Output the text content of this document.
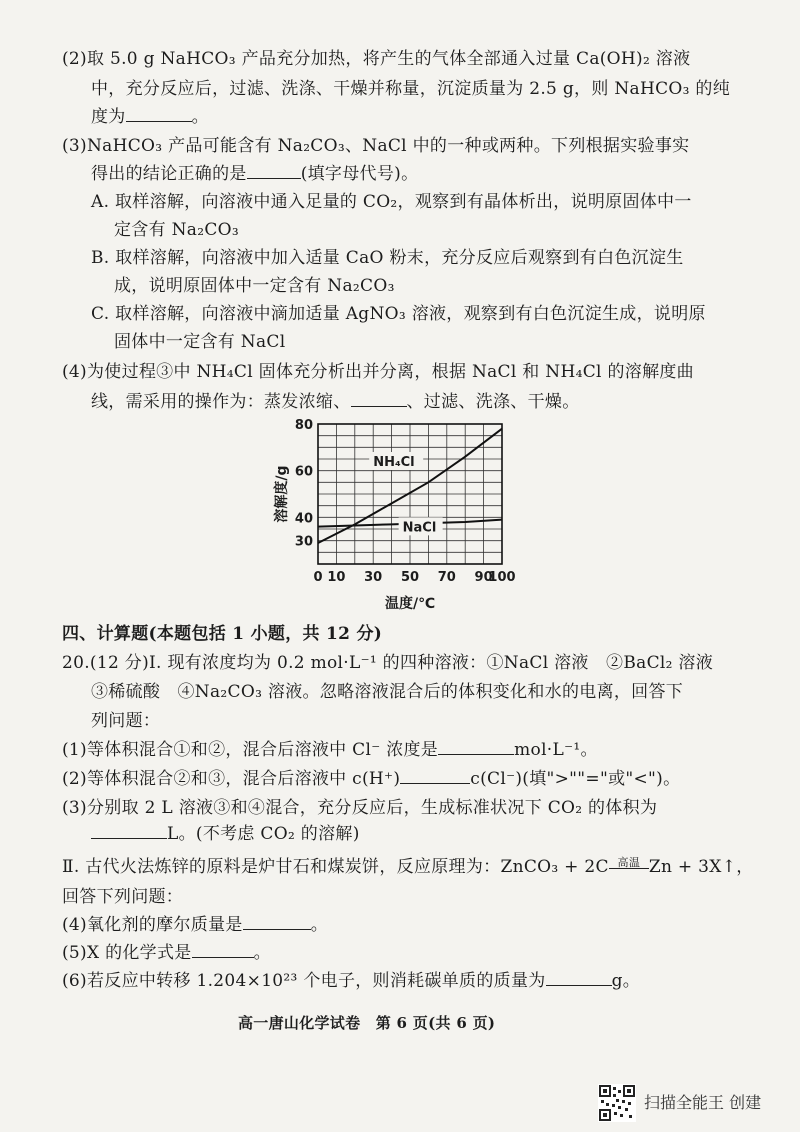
(2)取 5.0 g NaHCO₃ 产品充分加热，将产生的气体全部通入过量 Ca(OH)₂ 溶液
中，充分反应后，过滤、洗涤、干燥并称量，沉淀质量为 2.5 g，则 NaHCO₃ 的纯
度为	。
(3)NaHCO₃ 产品可能含有 Na₂CO₃、NaCl 中的一种或两种。下列根据实验事实
得出的结论正确的是	(填字母代号)。
A. 取样溶解，向溶液中通入足量的 CO₂，观察到有晶体析出，说明原固体中一
定含有 Na₂CO₃
B. 取样溶解，向溶液中加入适量 CaO 粉末，充分反应后观察到有白色沉淀生
成，说明原固体中一定含有 Na₂CO₃
C. 取样溶解，向溶液中滴加适量 AgNO₃ 溶液，观察到有白色沉淀生成，说明原
固体中一定含有 NaCl
(4)为使过程③中 NH₄Cl 固体充分析出并分离，根据 NaCl 和 NH₄Cl 的溶解度曲
线，需采用的操作为：蒸发浓缩、	、过滤、洗涤、干燥。
0 10 30 50 70 90
100
30
40
60
80
NH₄Cl
NaCl
温度/℃
溶解度/g
四、计算题(本题包括 1 小题，共 12 分)
20.(12 分)Ⅰ. 现有浓度均为 0.2 mol·L⁻¹ 的四种溶液：①NaCl 溶液　②BaCl₂ 溶液
③稀硫酸　④Na₂CO₃ 溶液。忽略溶液混合后的体积变化和水的电离，回答下
列问题：
(1)等体积混合①和②，混合后溶液中 Cl⁻ 浓度是	mol·L⁻¹。
(2)等体积混合②和③，混合后溶液中 c(H⁺)	c(Cl⁻)(填">""="或"<")。
(3)分别取 2 L 溶液③和④混合，充分反应后，生成标准状况下 CO₂ 的体积为
L。(不考虑 CO₂ 的溶解)
Ⅱ. 古代火法炼锌的原料是炉甘石和煤炭饼，反应原理为：ZnCO₃ + 2C 高温 Zn + 3X↑，
回答下列问题：
(4)氧化剂的摩尔质量是	。
(5)X 的化学式是	。
(6)若反应中转移 1.204×10²³ 个电子，则消耗碳单质的质量为	g。
高一唐山化学试卷　 第 6 页(共 6 页)
扫描全能王 创建
